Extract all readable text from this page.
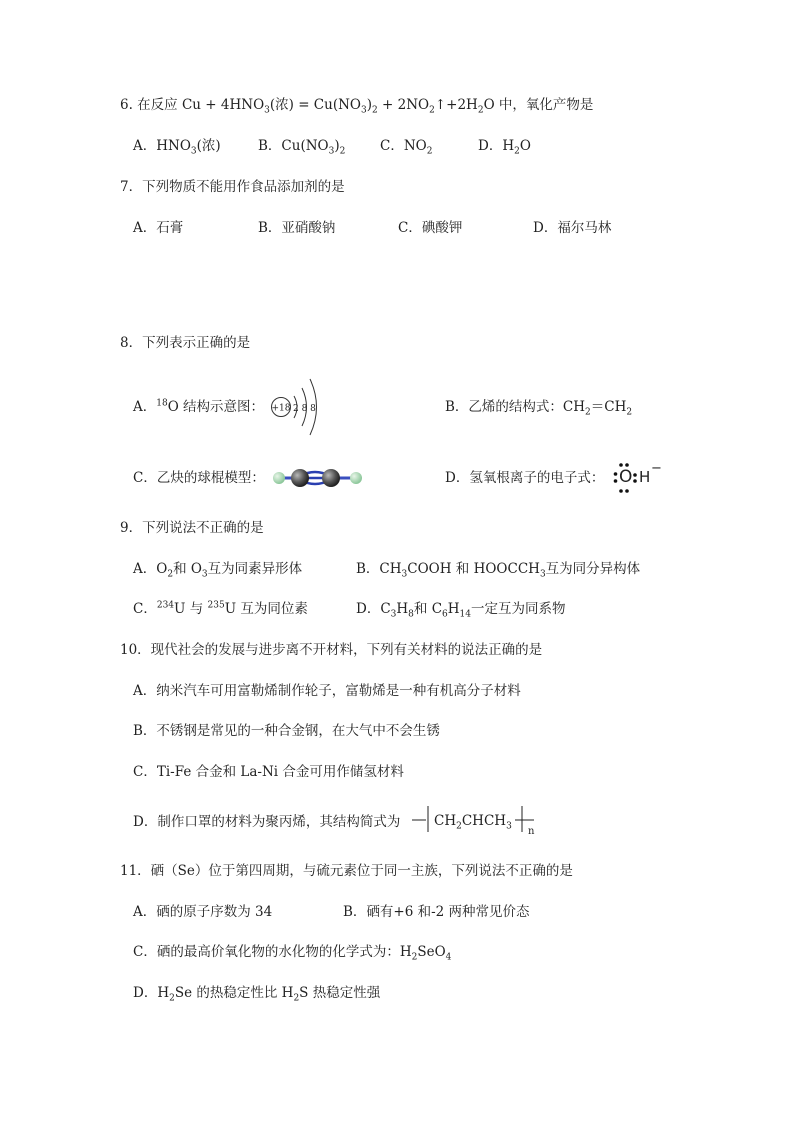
6. 在反应 $Cu + 4HNO_3$(浓) = $Cu(NO_3)_2$ + $2NO_2↑+2H_2O$ 中，氧化产物是
A．$HNO_3$(浓)	B．$Cu(NO_3)_2$	C．$NO_2$	D．$H_2O$
7．下列物质不能用作食品添加剂的是
A．石膏	B．亚硝酸钠	C．碘酸钾	D．福尔马林
8．下列表示正确的是
A．$^{18}$O 结构示意图： +18 2 8 8	B．乙烯的结构式：$CH_2=CH_2$
C．乙炔的球棍模型：	D．氢氧根离子的电子式： O H −
9．下列说法不正确的是
A．$O_2$和 $O_3$互为同素异形体	B．$CH_3COOH$ 和 $HOOCCH_3$互为同分异构体
C．$^{234}$U 与 $^{235}$U 互为同位素	D．$C_3H_8$和 $C_6H_{14}$一定互为同系物
10．现代社会的发展与进步离不开材料，下列有关材料的说法正确的是
A．纳米汽车可用富勒烯制作轮子，富勒烯是一种有机高分子材料
B．不锈钢是常见的一种合金钢，在大气中不会生锈
C．Ti-Fe 合金和 La-Ni 合金可用作储氢材料
D．制作口罩的材料为聚丙烯，其结构简式为 $CH_2CHCH_3$ n
11．硒（Se）位于第四周期，与硫元素位于同一主族，下列说法不正确的是
A．硒的原子序数为 34	B．硒有+6 和-2 两种常见价态
C．硒的最高价氧化物的水化物的化学式为：$H_2SeO_4$
D．$H_2Se$ 的热稳定性比 $H_2S$ 热稳定性强
